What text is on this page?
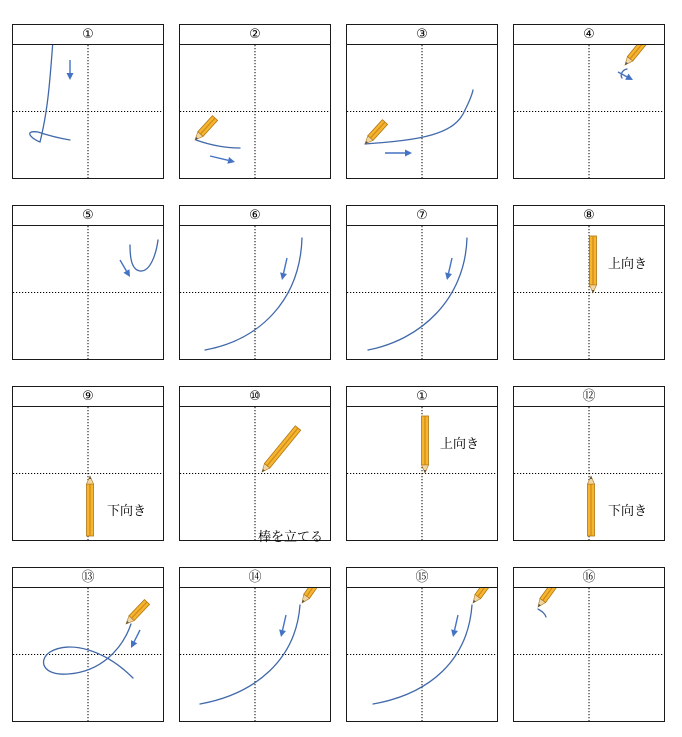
①	②	③	④
⑤	⑥	⑦	⑧
上向き
⑨
下向き
⑩
棒を立てる
①
上向き
⑫
下向き
⑬	⑭	⑮	⑯
